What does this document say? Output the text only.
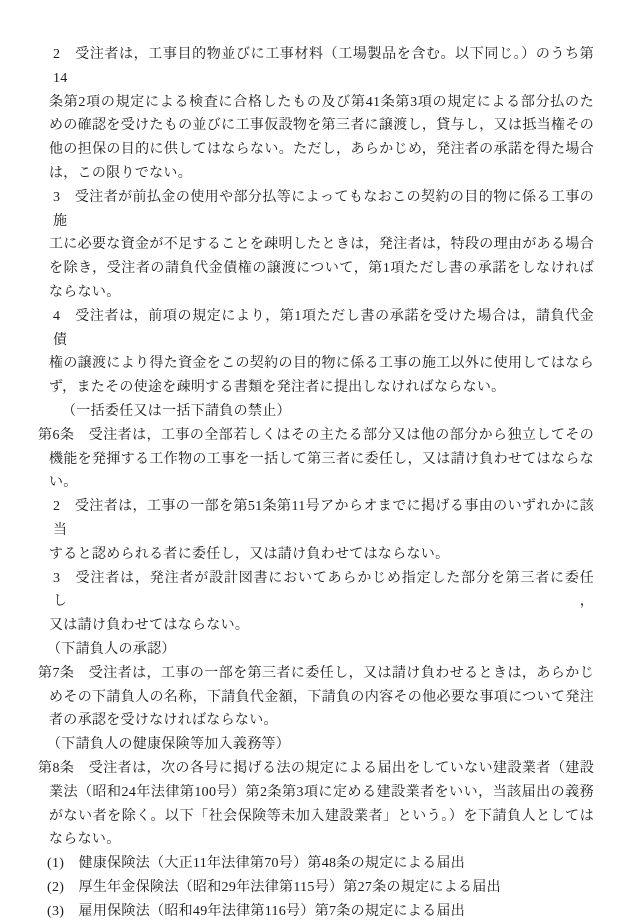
2　受注者は，工事目的物並びに工事材料（工場製品を含む。以下同じ。）のうち第14
条第2項の規定による検査に合格したもの及び第41条第3項の規定による部分払のた
めの確認を受けたもの並びに工事仮設物を第三者に譲渡し，貸与し，又は抵当権その
他の担保の目的に供してはならない。ただし，あらかじめ，発注者の承諾を得た場合
は，この限りでない。
3　受注者が前払金の使用や部分払等によってもなおこの契約の目的物に係る工事の施
工に必要な資金が不足することを疎明したときは，発注者は，特段の理由がある場合
を除き，受注者の請負代金債権の譲渡について，第1項ただし書の承諾をしなければ
ならない。
4　受注者は，前項の規定により，第1項ただし書の承諾を受けた場合は，請負代金債
権の譲渡により得た資金をこの契約の目的物に係る工事の施工以外に使用してはなら
ず，またその使途を疎明する書類を発注者に提出しなければならない。
（一括委任又は一括下請負の禁止）
第6条　受注者は，工事の全部若しくはその主たる部分又は他の部分から独立してその
機能を発揮する工作物の工事を一括して第三者に委任し，又は請け負わせてはならな
い。
2　受注者は，工事の一部を第51条第11号アからオまでに掲げる事由のいずれかに該当
すると認められる者に委任し，又は請け負わせてはならない。
3　受注者は，発注者が設計図書においてあらかじめ指定した部分を第三者に委任し，
又は請け負わせてはならない。
（下請負人の承認）
第7条　受注者は，工事の一部を第三者に委任し，又は請け負わせるときは，あらかじ
めその下請負人の名称，下請負代金額，下請負の内容その他必要な事項について発注
者の承認を受けなければならない。
（下請負人の健康保険等加入義務等）
第8条　受注者は，次の各号に掲げる法の規定による届出をしていない建設業者（建設
業法（昭和24年法律第100号）第2条第3項に定める建設業者をいい，当該届出の義務
がない者を除く。以下「社会保険等未加入建設業者」という。）を下請負人としては
ならない。
(1)　健康保険法（大正11年法律第70号）第48条の規定による届出
(2)　厚生年金保険法（昭和29年法律第115号）第27条の規定による届出
(3)　雇用保険法（昭和49年法律第116号）第7条の規定による届出
